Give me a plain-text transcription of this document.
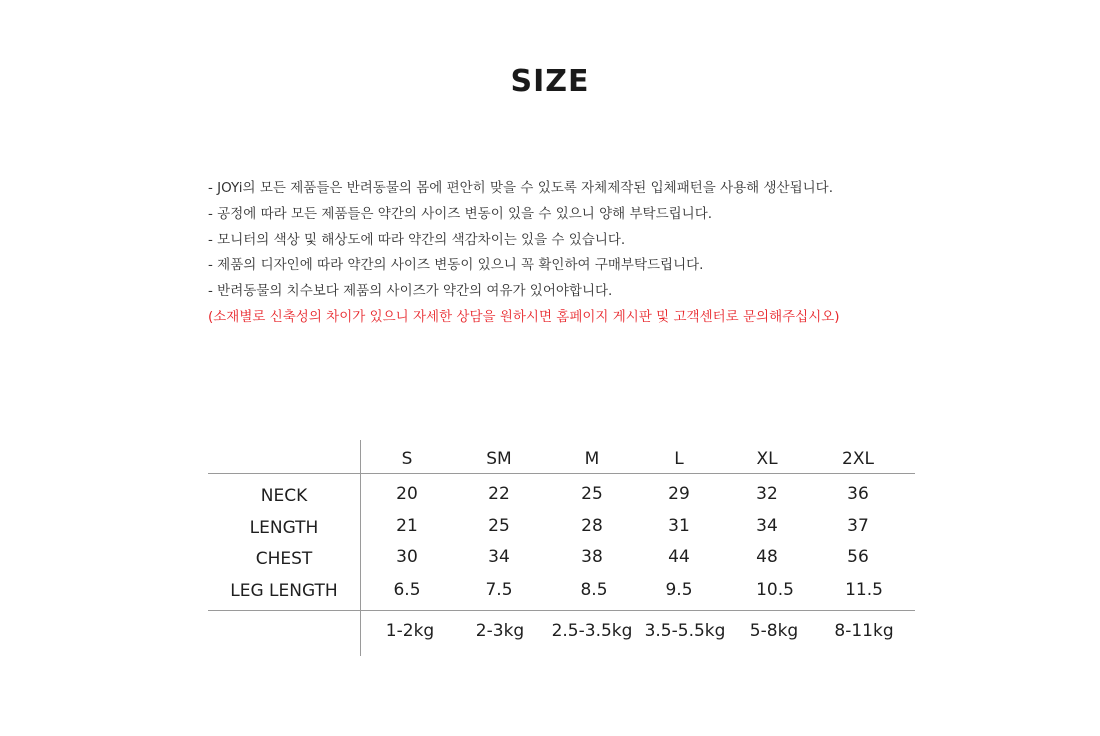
SIZE
- JOYi의 모든 제품들은 반려동물의 몸에 편안히 맞을 수 있도록 자체제작된 입체패턴을 사용해 생산됩니다.
- 공정에 따라 모든 제품들은 약간의 사이즈 변동이 있을 수 있으니 양해 부탁드립니다.
- 모니터의 색상 및 해상도에 따라 약간의 색감차이는 있을 수 있습니다.
- 제품의 디자인에 따라 약간의 사이즈 변동이 있으니 꼭 확인하여 구매부탁드립니다.
- 반려동물의 치수보다 제품의 사이즈가 약간의 여유가 있어야합니다.
(소재별로 신축성의 차이가 있으니 자세한 상담을 원하시면 홈페이지 게시판 및 고객센터로 문의해주십시오)
S	SM	M	L	XL	2XL
NECK	20	22	25	29	32	36
LENGTH	21	25	28	31	34	37
CHEST	30	34	38	44	48	56
LEG LENGTH	6.5	7.5	8.5	9.5	10.5	11.5
1-2kg 2-3kg 2.5-3.5kg 3.5-5.5kg 5-8kg 8-11kg
